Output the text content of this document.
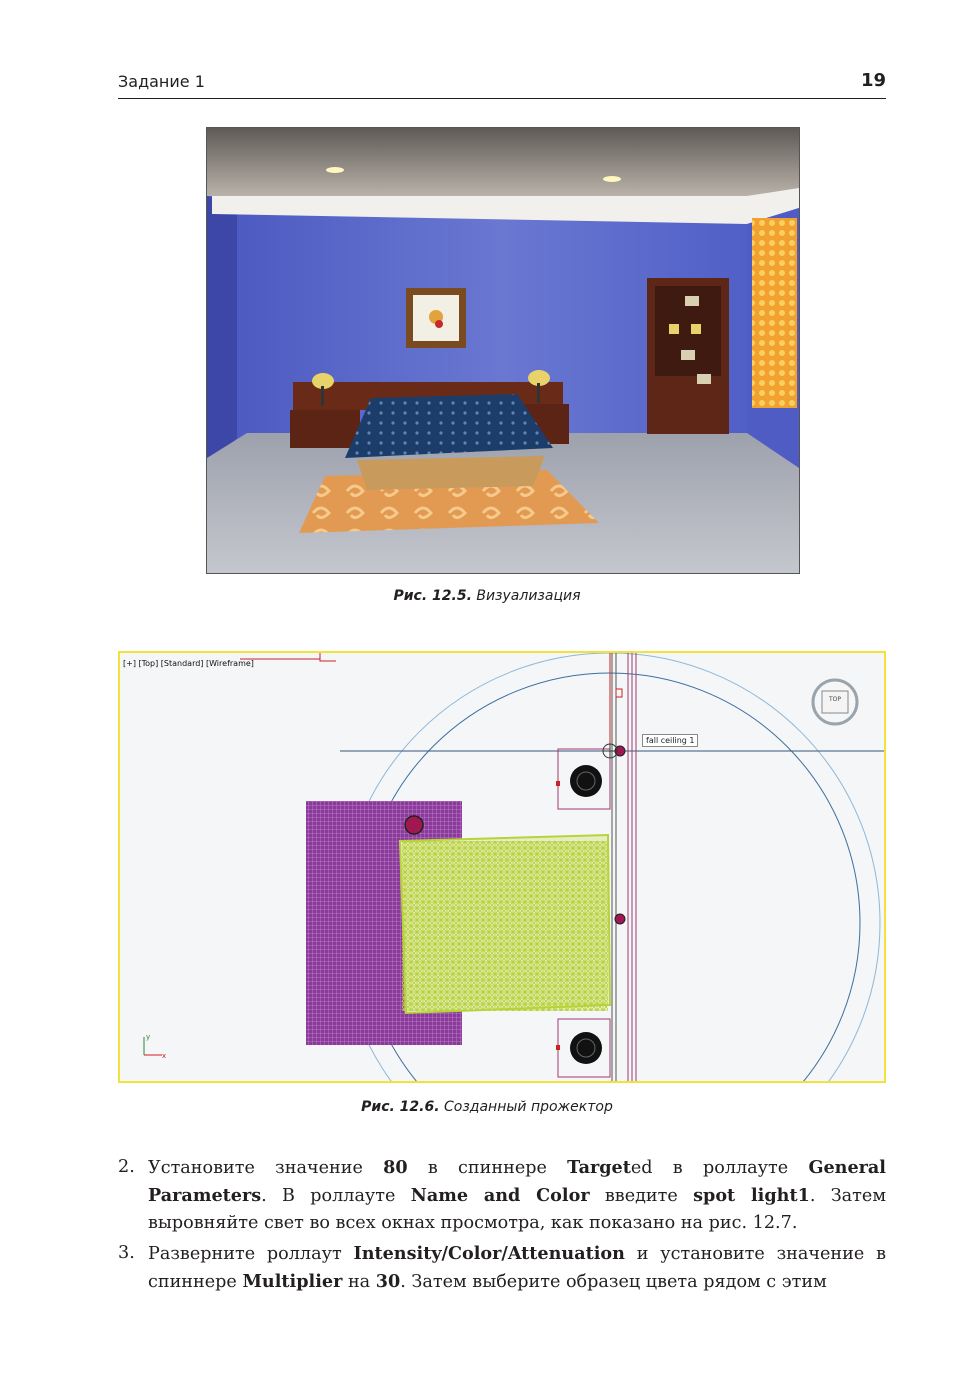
Задание 1	19
Рис. 12.5. Визуализация
y
x
[+] [Top] [Standard] [Wireframe]
TOP
fall ceiling 1
Рис. 12.6. Созданный прожектор
2. Установите значение 80 в спиннере Targeted в роллауте General Parameters. В роллауте Name and Color введите spot light1. Затем выровняйте свет во всех окнах просмотра, как показано на рис. 12.7.
3. Разверните роллаут Intensity/Color/Attenuation и установите значение в спиннере Multiplier на 30. Затем выберите образец цвета рядом с этим
